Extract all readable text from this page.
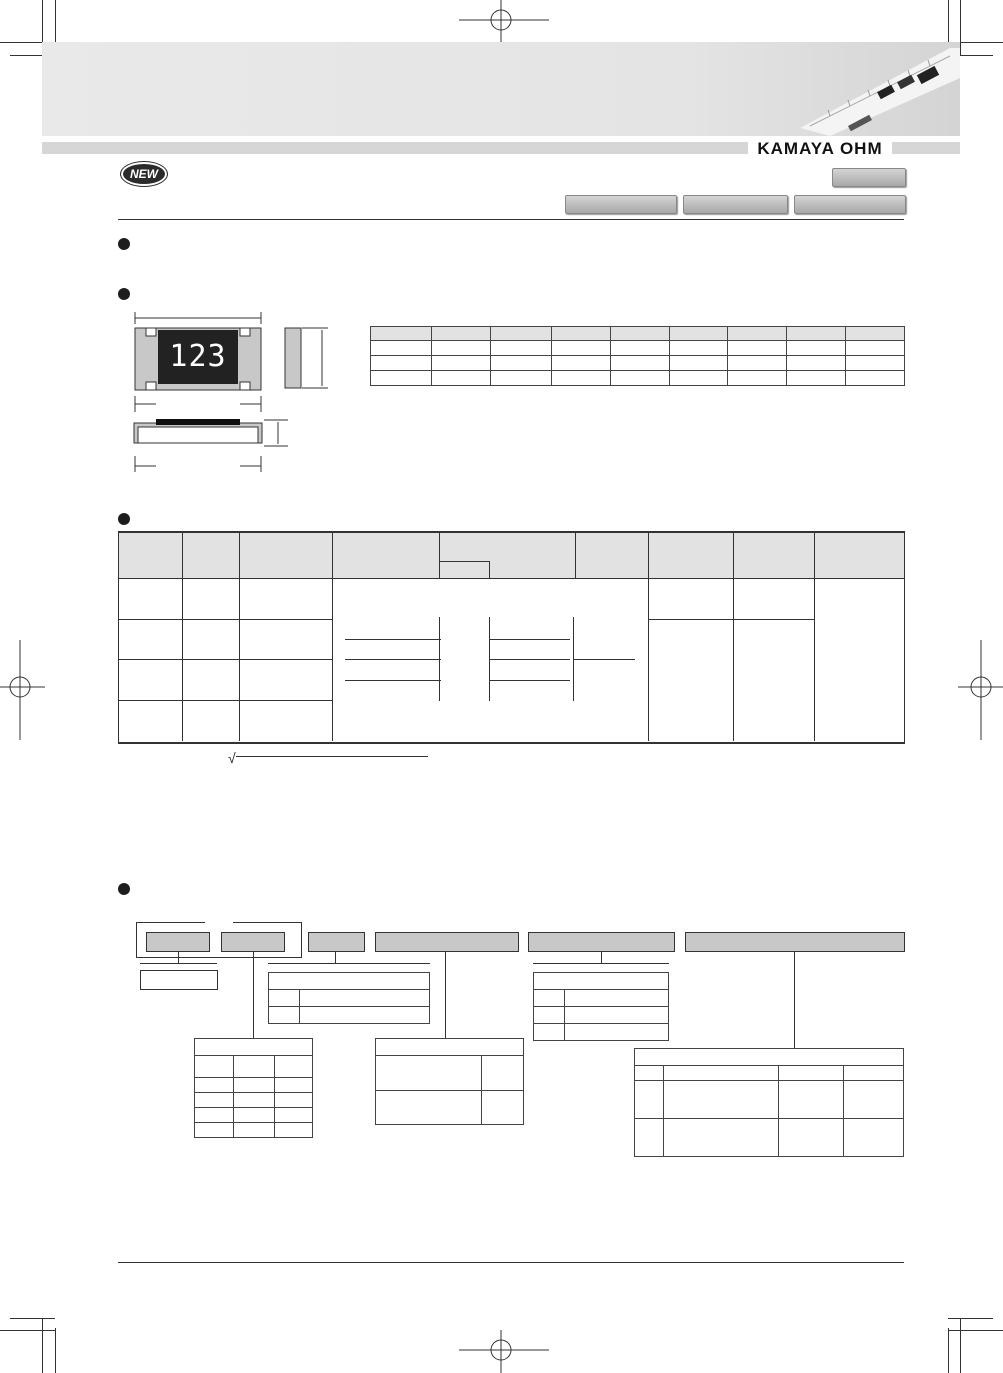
KAMAYA OHM
NEW
123

√
